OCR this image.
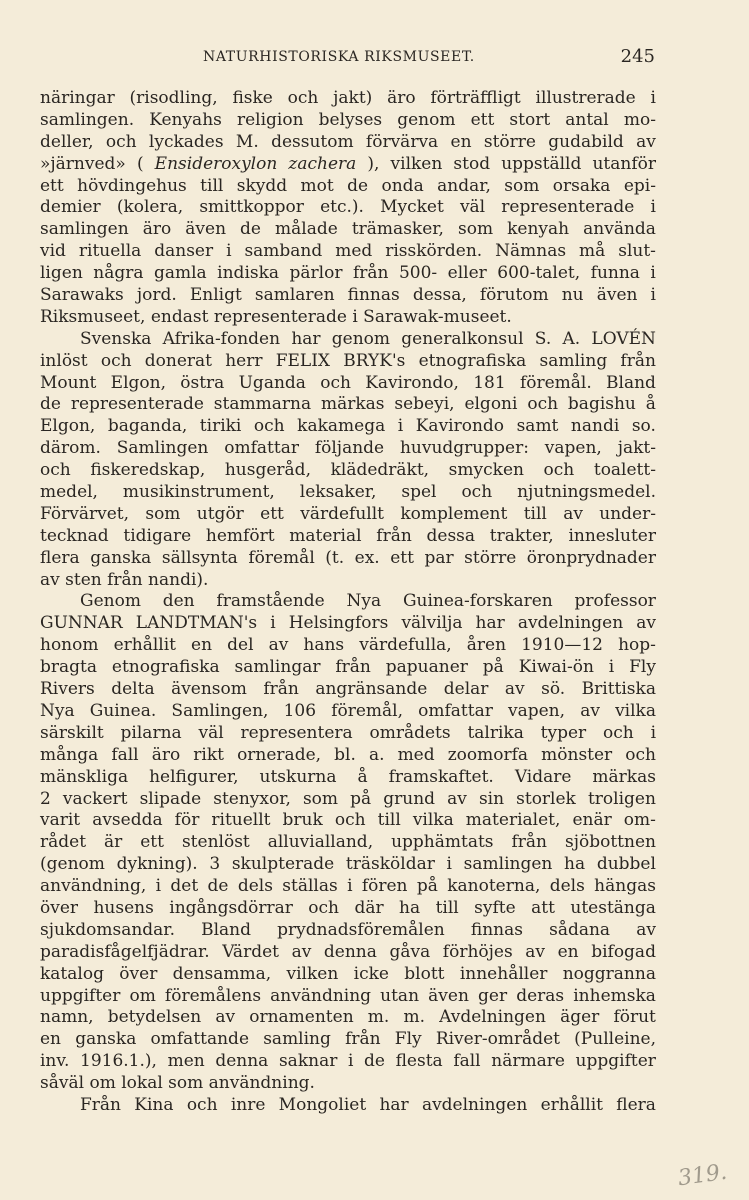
NATURHISTORISKA RIKSMUSEET.	245
näringar (risodling, fiske och jakt) äro förträffligt illustrerade i
samlingen. Kenyahs religion belyses genom ett stort antal mo-
deller, och lyckades M. dessutom förvärva en större gudabild av
»järnved» ( Ensideroxylon zachera ), vilken stod uppställd utanför
ett hövdingehus till skydd mot de onda andar, som orsaka epi-
demier (kolera, smittkoppor etc.). Mycket väl representerade i
samlingen äro även de målade trämasker, som kenyah använda
vid rituella danser i samband med risskörden. Nämnas må slut-
ligen några gamla indiska pärlor från 500- eller 600-talet, funna i
Sarawaks jord. Enligt samlaren finnas dessa, förutom nu även i
Riksmuseet, endast representerade i Sarawak-museet.
Svenska Afrika-fonden har genom generalkonsul S. A. LOVÉN
inlöst och donerat herr FELIX BRYK's etnografiska samling från
Mount Elgon, östra Uganda och Kavirondo, 181 föremål. Bland
de representerade stammarna märkas sebeyi, elgoni och bagishu å
Elgon, baganda, tiriki och kakamega i Kavirondo samt nandi so.
därom. Samlingen omfattar följande huvudgrupper: vapen, jakt-
och fiskeredskap, husgeråd, klädedräkt, smycken och toalett-
medel, musikinstrument, leksaker, spel och njutningsmedel.
Förvärvet, som utgör ett värdefullt komplement till av under-
tecknad tidigare hemfört material från dessa trakter, innesluter
flera ganska sällsynta föremål (t. ex. ett par större öronprydnader
av sten från nandi).
Genom den framstående Nya Guinea-forskaren professor
GUNNAR LANDTMAN's i Helsingfors välvilja har avdelningen av
honom erhållit en del av hans värdefulla, åren 1910—12 hop-
bragta etnografiska samlingar från papuaner på Kiwai-ön i Fly
Rivers delta ävensom från angränsande delar av sö. Brittiska
Nya Guinea. Samlingen, 106 föremål, omfattar vapen, av vilka
särskilt pilarna väl representera områdets talrika typer och i
många fall äro rikt ornerade, bl. a. med zoomorfa mönster och
mänskliga helfigurer, utskurna å framskaftet. Vidare märkas
2 vackert slipade stenyxor, som på grund av sin storlek troligen
varit avsedda för rituellt bruk och till vilka materialet, enär om-
rådet är ett stenlöst alluvialland, upphämtats från sjöbottnen
(genom dykning). 3 skulpterade träsköldar i samlingen ha dubbel
användning, i det de dels ställas i fören på kanoterna, dels hängas
över husens ingångsdörrar och där ha till syfte att utestänga
sjukdomsandar. Bland prydnadsföremålen finnas sådana av
paradisfågelfjädrar. Värdet av denna gåva förhöjes av en bifogad
katalog över densamma, vilken icke blott innehåller noggranna
uppgifter om föremålens användning utan även ger deras inhemska
namn, betydelsen av ornamenten m. m. Avdelningen äger förut
en ganska omfattande samling från Fly River-området (Pulleine,
inv. 1916.1.), men denna saknar i de flesta fall närmare uppgifter
såväl om lokal som användning.
Från Kina och inre Mongoliet har avdelningen erhållit flera
319.
